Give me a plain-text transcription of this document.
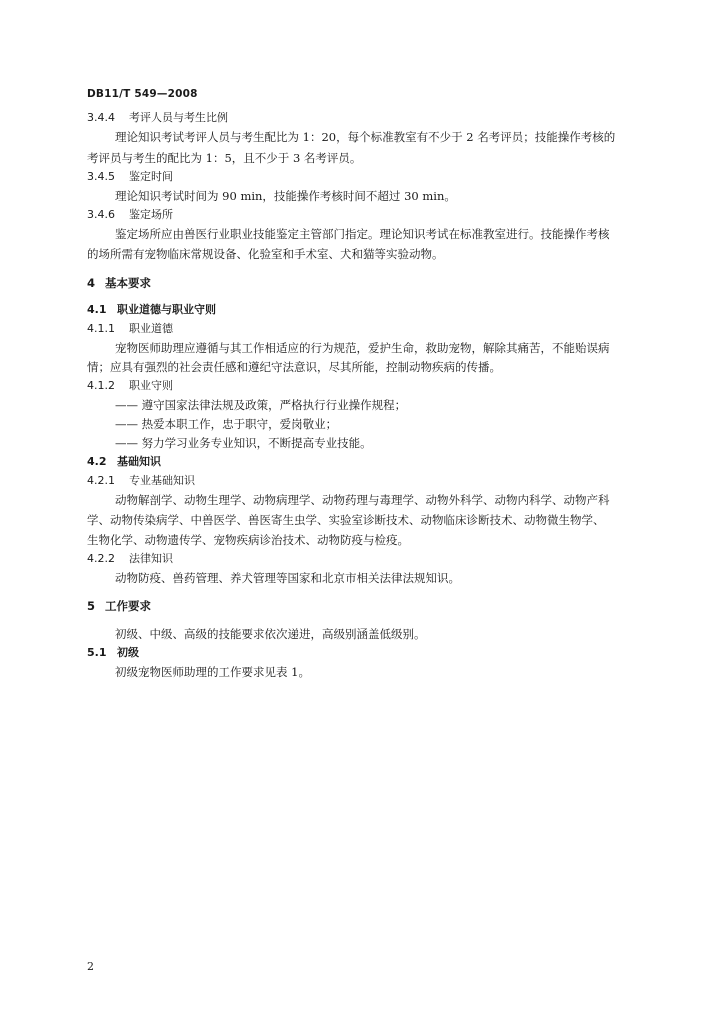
DB11/T 549—2008
3.4.4 考评人员与考生比例
理论知识考试考评人员与考生配比为 1：20，每个标准教室有不少于 2 名考评员；技能操作考核的
考评员与考生的配比为 1：5，且不少于 3 名考评员。
3.4.5 鉴定时间
理论知识考试时间为 90 min，技能操作考核时间不超过 30 min。
3.4.6 鉴定场所
鉴定场所应由兽医行业职业技能鉴定主管部门指定。理论知识考试在标准教室进行。技能操作考核
的场所需有宠物临床常规设备、化验室和手术室、犬和猫等实验动物。
4 基本要求
4.1 职业道德与职业守则
4.1.1 职业道德
宠物医师助理应遵循与其工作相适应的行为规范，爱护生命，救助宠物，解除其痛苦，不能贻误病
情；应具有强烈的社会责任感和遵纪守法意识，尽其所能，控制动物疾病的传播。
4.1.2 职业守则
—— 遵守国家法律法规及政策，严格执行行业操作规程；
—— 热爱本职工作，忠于职守，爱岗敬业；
—— 努力学习业务专业知识，不断提高专业技能。
4.2 基础知识
4.2.1 专业基础知识
动物解剖学、动物生理学、动物病理学、动物药理与毒理学、动物外科学、动物内科学、动物产科
学、动物传染病学、中兽医学、兽医寄生虫学、实验室诊断技术、动物临床诊断技术、动物微生物学、
生物化学、动物遗传学、宠物疾病诊治技术、动物防疫与检疫。
4.2.2 法律知识
动物防疫、兽药管理、养犬管理等国家和北京市相关法律法规知识。
5 工作要求
初级、中级、高级的技能要求依次递进，高级别涵盖低级别。
5.1 初级
初级宠物医师助理的工作要求见表 1。
2
